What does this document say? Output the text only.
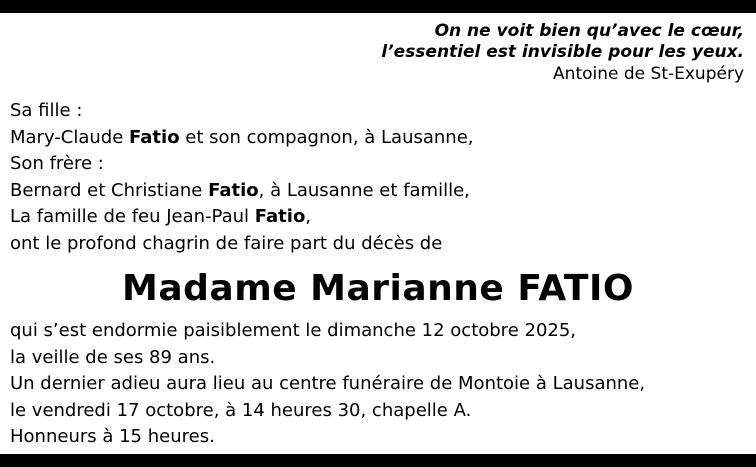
On ne voit bien qu’avec le cœur,
l’essentiel est invisible pour les yeux.
Antoine de St-Exupéry
Sa fille :
Mary-Claude Fatio et son compagnon, à Lausanne,
Son frère :
Bernard et Christiane Fatio, à Lausanne et famille,
La famille de feu Jean-Paul Fatio,
ont le profond chagrin de faire part du décès de
Madame Marianne FATIO
qui s’est endormie paisiblement le dimanche 12 octobre 2025,
la veille de ses 89 ans.
Un dernier adieu aura lieu au centre funéraire de Montoie à Lausanne,
le vendredi 17 octobre, à 14 heures 30, chapelle A.
Honneurs à 15 heures.
